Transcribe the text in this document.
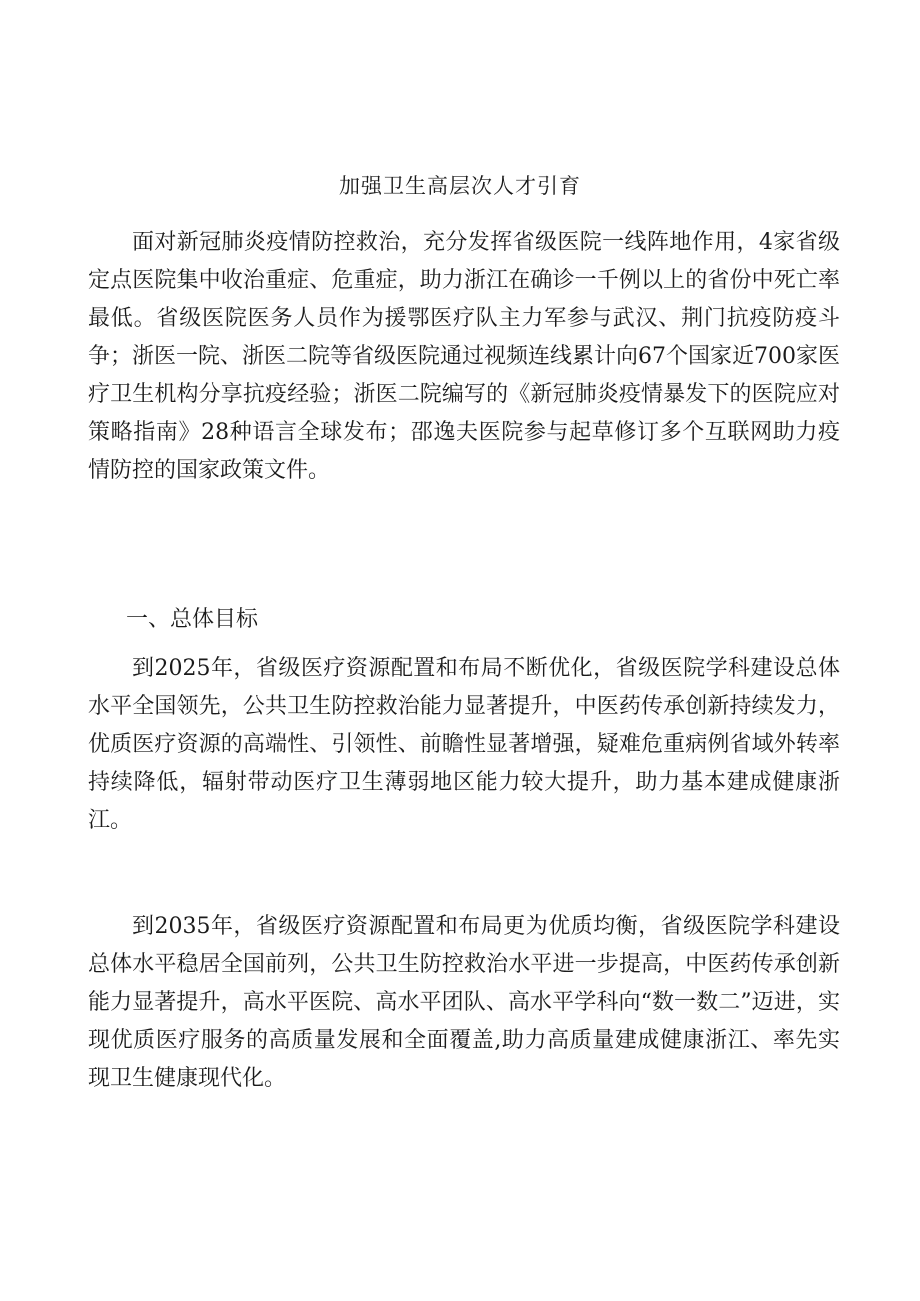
加强卫生高层次人才引育

面对新冠肺炎疫情防控救治，充分发挥省级医院一线阵地作用，4家省级定点医院集中收治重症、危重症，助力浙江在确诊一千例以上的省份中死亡率最低。省级医院医务人员作为援鄂医疗队主力军参与武汉、荆门抗疫防疫斗争；浙医一院、浙医二院等省级医院通过视频连线累计向67个国家近700家医疗卫生机构分享抗疫经验；浙医二院编写的《新冠肺炎疫情暴发下的医院应对策略指南》28种语言全球发布；邵逸夫医院参与起草修订多个互联网助力疫情防控的国家政策文件。

一、总体目标

到2025年，省级医疗资源配置和布局不断优化，省级医院学科建设总体水平全国领先，公共卫生防控救治能力显著提升，中医药传承创新持续发力，优质医疗资源的高端性、引领性、前瞻性显著增强，疑难危重病例省域外转率持续降低，辐射带动医疗卫生薄弱地区能力较大提升，助力基本建成健康浙江。

到2035年，省级医疗资源配置和布局更为优质均衡，省级医院学科建设总体水平稳居全国前列，公共卫生防控救治水平进一步提高，中医药传承创新能力显著提升，高水平医院、高水平团队、高水平学科向“数一数二”迈进，实现优质医疗服务的高质量发展和全面覆盖,助力高质量建成健康浙江、率先实现卫生健康现代化。
